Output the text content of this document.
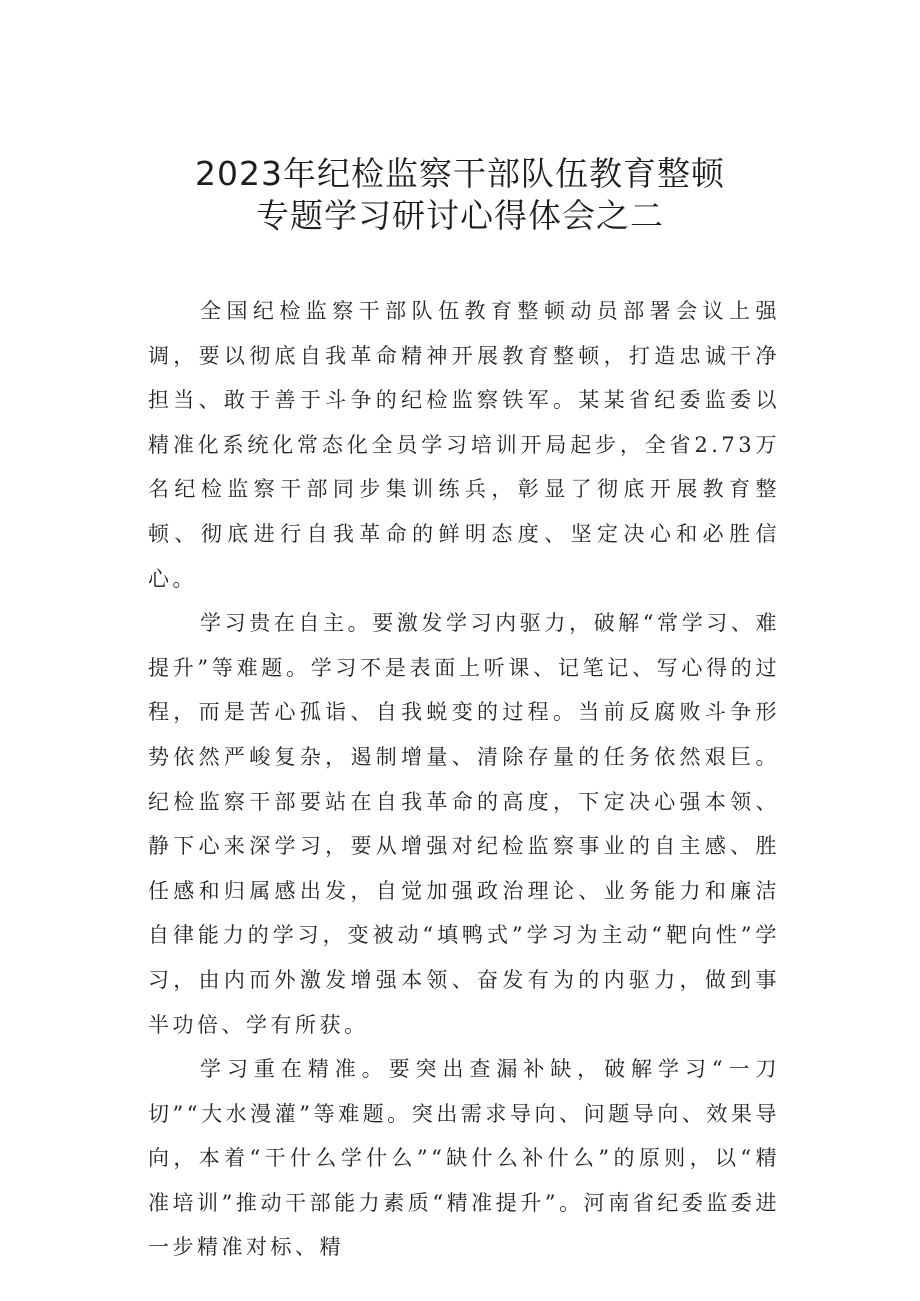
2023年纪检监察干部队伍教育整顿
专题学习研讨心得体会之二

全国纪检监察干部队伍教育整顿动员部署会议上强调，要以彻底自我革命精神开展教育整顿，打造忠诚干净担当、敢于善于斗争的纪检监察铁军。某某省纪委监委以精准化系统化常态化全员学习培训开局起步，全省2.73万名纪检监察干部同步集训练兵，彰显了彻底开展教育整顿、彻底进行自我革命的鲜明态度、坚定决心和必胜信心。

学习贵在自主。要激发学习内驱力，破解“常学习、难提升”等难题。学习不是表面上听课、记笔记、写心得的过程，而是苦心孤诣、自我蜕变的过程。当前反腐败斗争形势依然严峻复杂，遏制增量、清除存量的任务依然艰巨。纪检监察干部要站在自我革命的高度，下定决心强本领、静下心来深学习，要从增强对纪检监察事业的自主感、胜任感和归属感出发，自觉加强政治理论、业务能力和廉洁自律能力的学习，变被动“填鸭式”学习为主动“靶向性”学习，由内而外激发增强本领、奋发有为的内驱力，做到事半功倍、学有所获。

学习重在精准。要突出查漏补缺，破解学习“一刀切”“大水漫灌”等难题。突出需求导向、问题导向、效果导向，本着“干什么学什么”“缺什么补什么”的原则，以“精准培训”推动干部能力素质“精准提升”。河南省纪委监委进一步精准对标、精
